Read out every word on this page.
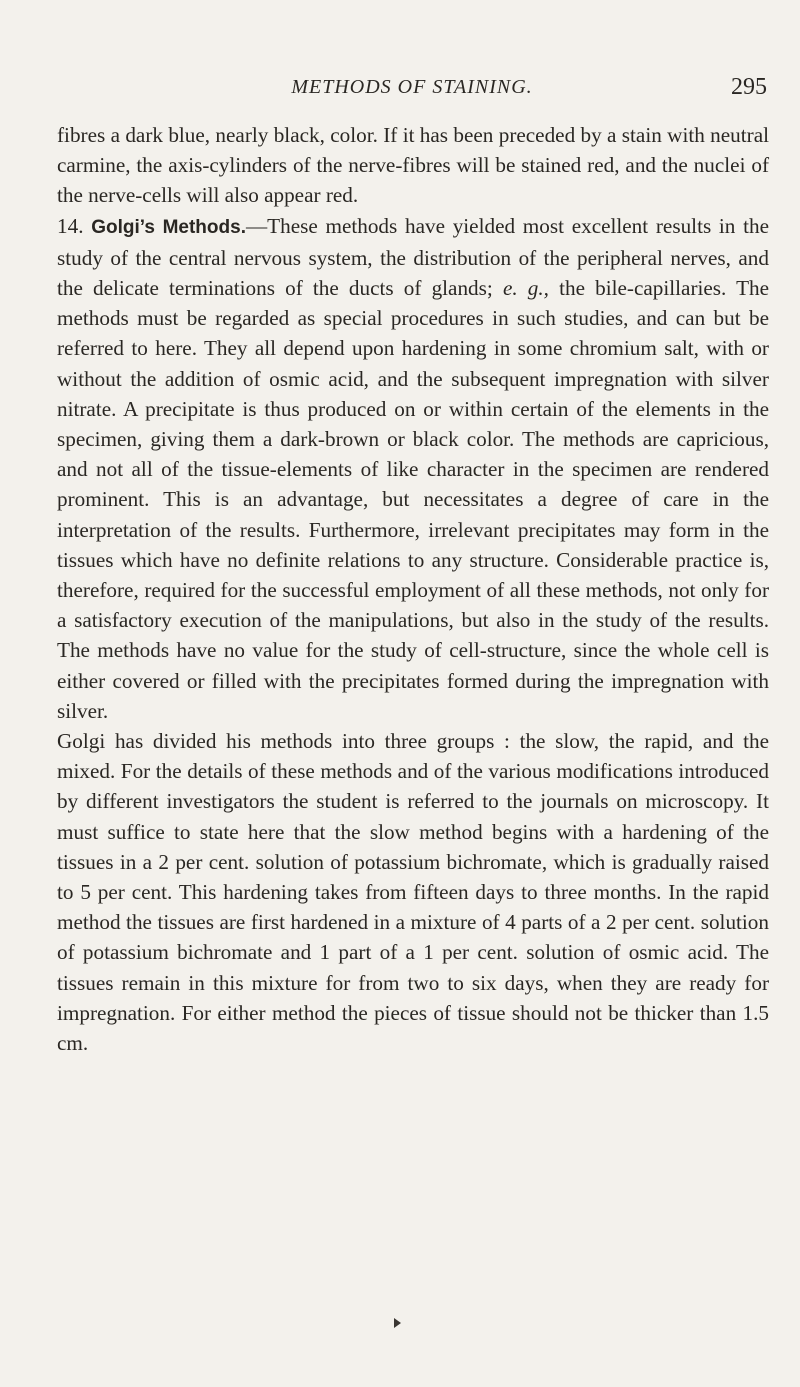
METHODS OF STAINING.	295

fibres a dark blue, nearly black, color. If it has been preceded by a stain with neutral carmine, the axis-cylinders of the nerve-fibres will be stained red, and the nuclei of the nerve-cells will also appear red.

14. Golgi’s Methods.—These methods have yielded most excellent results in the study of the central nervous system, the distribution of the peripheral nerves, and the delicate terminations of the ducts of glands; e. g., the bile-capillaries. The methods must be regarded as special procedures in such studies, and can but be referred to here. They all depend upon hardening in some chromium salt, with or without the addition of osmic acid, and the subsequent impregnation with silver nitrate. A precipitate is thus produced on or within certain of the elements in the specimen, giving them a dark-brown or black color. The methods are capricious, and not all of the tissue-elements of like character in the specimen are rendered prominent. This is an advantage, but necessitates a degree of care in the interpretation of the results. Furthermore, irrelevant precipitates may form in the tissues which have no definite relations to any structure. Considerable practice is, therefore, required for the successful employment of all these methods, not only for a satisfactory execution of the manipulations, but also in the study of the results. The methods have no value for the study of cell-structure, since the whole cell is either covered or filled with the precipitates formed during the impregnation with silver.

Golgi has divided his methods into three groups : the slow, the rapid, and the mixed. For the details of these methods and of the various modifications introduced by different investigators the student is referred to the journals on microscopy. It must suffice to state here that the slow method begins with a hardening of the tissues in a 2 per cent. solution of potassium bichromate, which is gradually raised to 5 per cent. This hardening takes from fifteen days to three months. In the rapid method the tissues are first hardened in a mixture of 4 parts of a 2 per cent. solution of potassium bichromate and 1 part of a 1 per cent. solution of osmic acid. The tissues remain in this mixture for from two to six days, when they are ready for impregnation. For either method the pieces of tissue should not be thicker than 1.5 cm.
